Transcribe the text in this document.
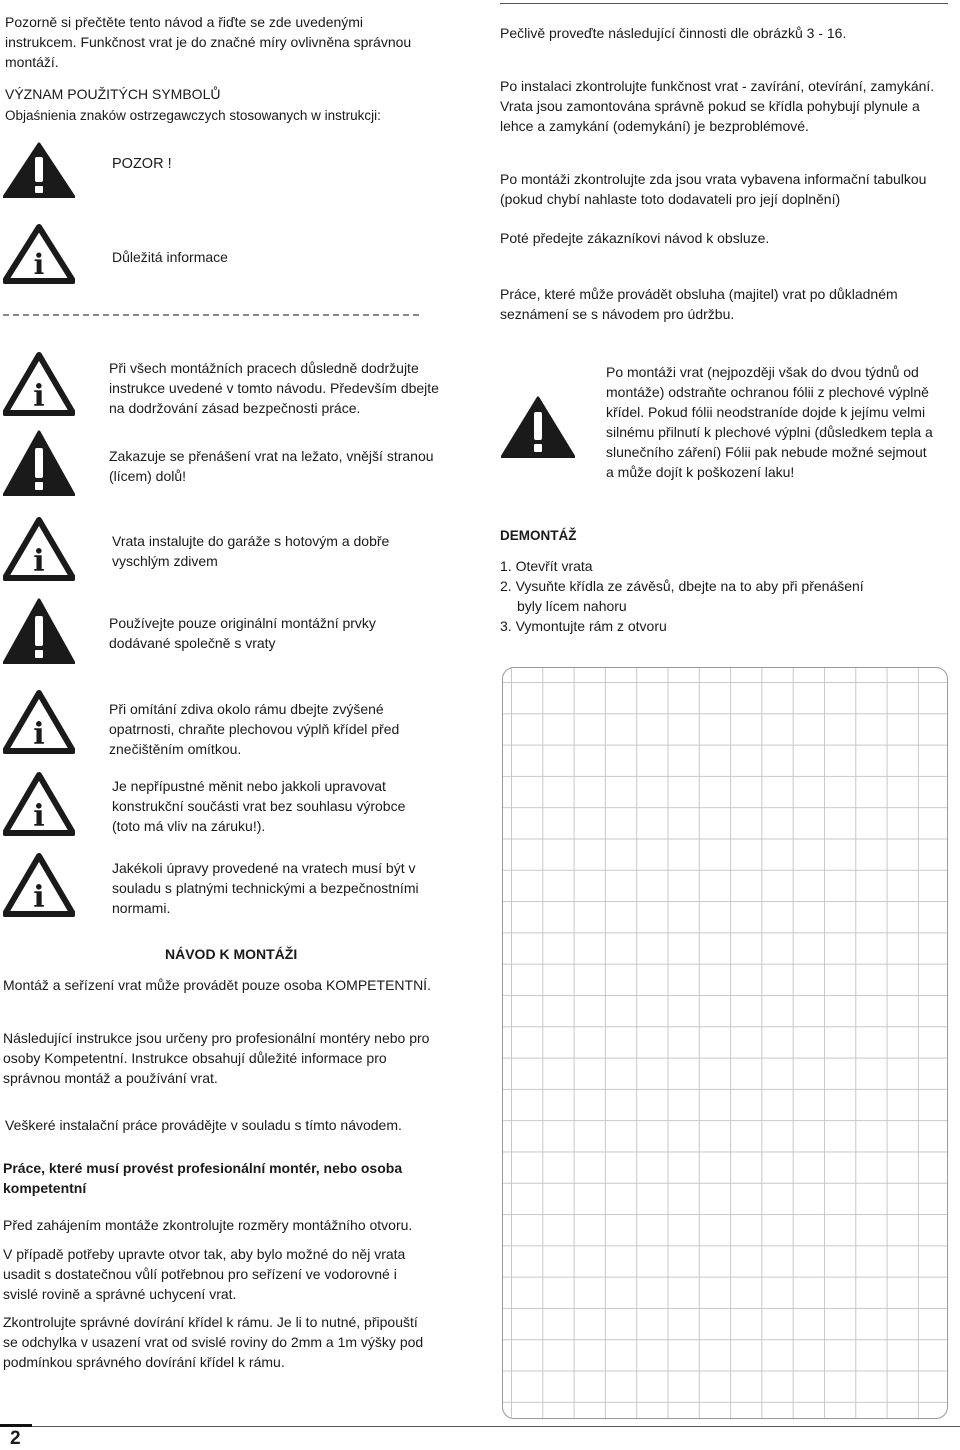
Pozorně si přečtěte tento návod a řiďte se zde uvedenými
instrukcem. Funkčnost vrat je do značné míry ovlivněna správnou
montáží.
VÝZNAM POUŽITÝCH SYMBOLŮ
Objaśnienia znaków ostrzegawczych stosowanych w instrukcji:
POZOR !
i	Důležitá informace
Pečlivě proveďte následující činnosti dle obrázků 3 - 16.
Po instalaci zkontrolujte funkčnost vrat - zavírání, otevírání, zamykání.
Vrata jsou zamontována správně pokud se křídla pohybují plynule a
lehce a zamykání (odemykání) je bezproblémové.
Po montáži zkontrolujte zda jsou vrata vybavena informační tabulkou
(pokud chybí nahlaste toto dodavateli pro její doplnění)
Poté předejte zákazníkovi návod k obsluze.
Práce, které může provádět obsluha (majitel) vrat po důkladném
seznámení se s návodem pro údržbu.
i
Při všech montážních pracech důsledně dodržujte
instrukce uvedené v tomto návodu. Především dbejte
na dodržování zásad bezpečnosti práce.
Zakazuje se přenášení vrat na ležato, vnější stranou
(lícem) dolů!
i
Vrata instalujte do garáže s hotovým a dobře
vyschlým zdivem
Používejte pouze originální montážní prvky
dodávané společně s vraty
i
Při omítání zdiva okolo rámu dbejte zvýšené
opatrnosti, chraňte plechovou výplň křídel před
znečištěním omítkou.
i
Je nepřípustné měnit nebo jakkoli upravovat
konstrukční součásti vrat bez souhlasu výrobce
(toto má vliv na záruku!).
i
Jakékoli úpravy provedené na vratech musí být v
souladu s platnými technickými a bezpečnostními
normami.
Po montáži vrat (nejpozději však do dvou týdnů od
montáže) odstraňte ochranou fólii z plechové výplně
křídel. Pokud fólii neodstraníde dojde k jejímu velmi
silnému přilnutí k plechové výplni (důsledkem tepla a
slunečního záření) Fólii pak nebude možné sejmout
a může dojít k poškození laku!
DEMONTÁŽ
1. Otevřít vrata
2. Vysuňte křídla ze závěsů, dbejte na to aby při přenášení
byly lícem nahoru
3. Vymontujte rám z otvoru
NÁVOD K MONTÁŽI
Montáž a seřízení vrat může provádět pouze osoba KOMPETENTNÍ.
Následující instrukce jsou určeny pro profesionální montéry nebo pro
osoby Kompetentní. Instrukce obsahují důležité informace pro
správnou montáž a používání vrat.
Veškeré instalační práce provádějte v souladu s tímto návodem.
Práce, které musí provést profesionální montér, nebo osoba
kompetentní
Před zahájením montáže zkontrolujte rozměry montážního otvoru.
V případě potřeby upravte otvor tak, aby bylo možné do něj vrata
usadit s dostatečnou vůlí potřebnou pro seřízení ve vodorovné i
svislé rovině a správné uchycení vrat.
Zkontrolujte správné dovírání křídel k rámu. Je li to nutné, připouští
se odchylka v usazení vrat od svislé roviny do 2mm a 1m výšky pod
podmínkou správného dovírání křídel k rámu.
2
